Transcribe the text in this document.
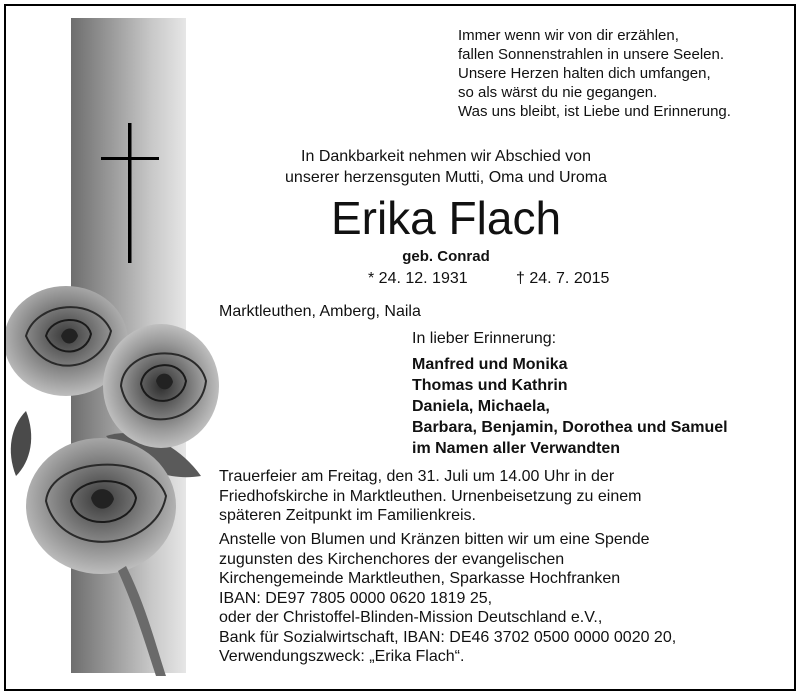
Immer wenn wir von dir erzählen,
fallen Sonnenstrahlen in unsere Seelen.
Unsere Herzen halten dich umfangen,
so als wärst du nie gegangen.
Was uns bleibt, ist Liebe und Erinnerung.
In Dankbarkeit nehmen wir Abschied von
unserer herzensguten Mutti, Oma und Uroma
Erika Flach
geb. Conrad
* 24. 12. 1931	† 24. 7. 2015
Marktleuthen, Amberg, Naila
In lieber Erinnerung:
Manfred und Monika
Thomas und Kathrin
Daniela, Michaela,
Barbara, Benjamin, Dorothea und Samuel
im Namen aller Verwandten
Trauerfeier am Freitag, den 31. Juli um 14.00 Uhr in der
Friedhofskirche in Marktleuthen. Urnenbeisetzung zu einem
späteren Zeitpunkt im Familienkreis.
Anstelle von Blumen und Kränzen bitten wir um eine Spende
zugunsten des Kirchenchores der evangelischen
Kirchengemeinde Marktleuthen, Sparkasse Hochfranken
IBAN: DE97 7805 0000 0620 1819 25,
oder der Christoffel-Blinden-Mission Deutschland e.V.,
Bank für Sozialwirtschaft, IBAN: DE46 3702 0500 0000 0020 20,
Verwendungszweck: „Erika Flach“.
